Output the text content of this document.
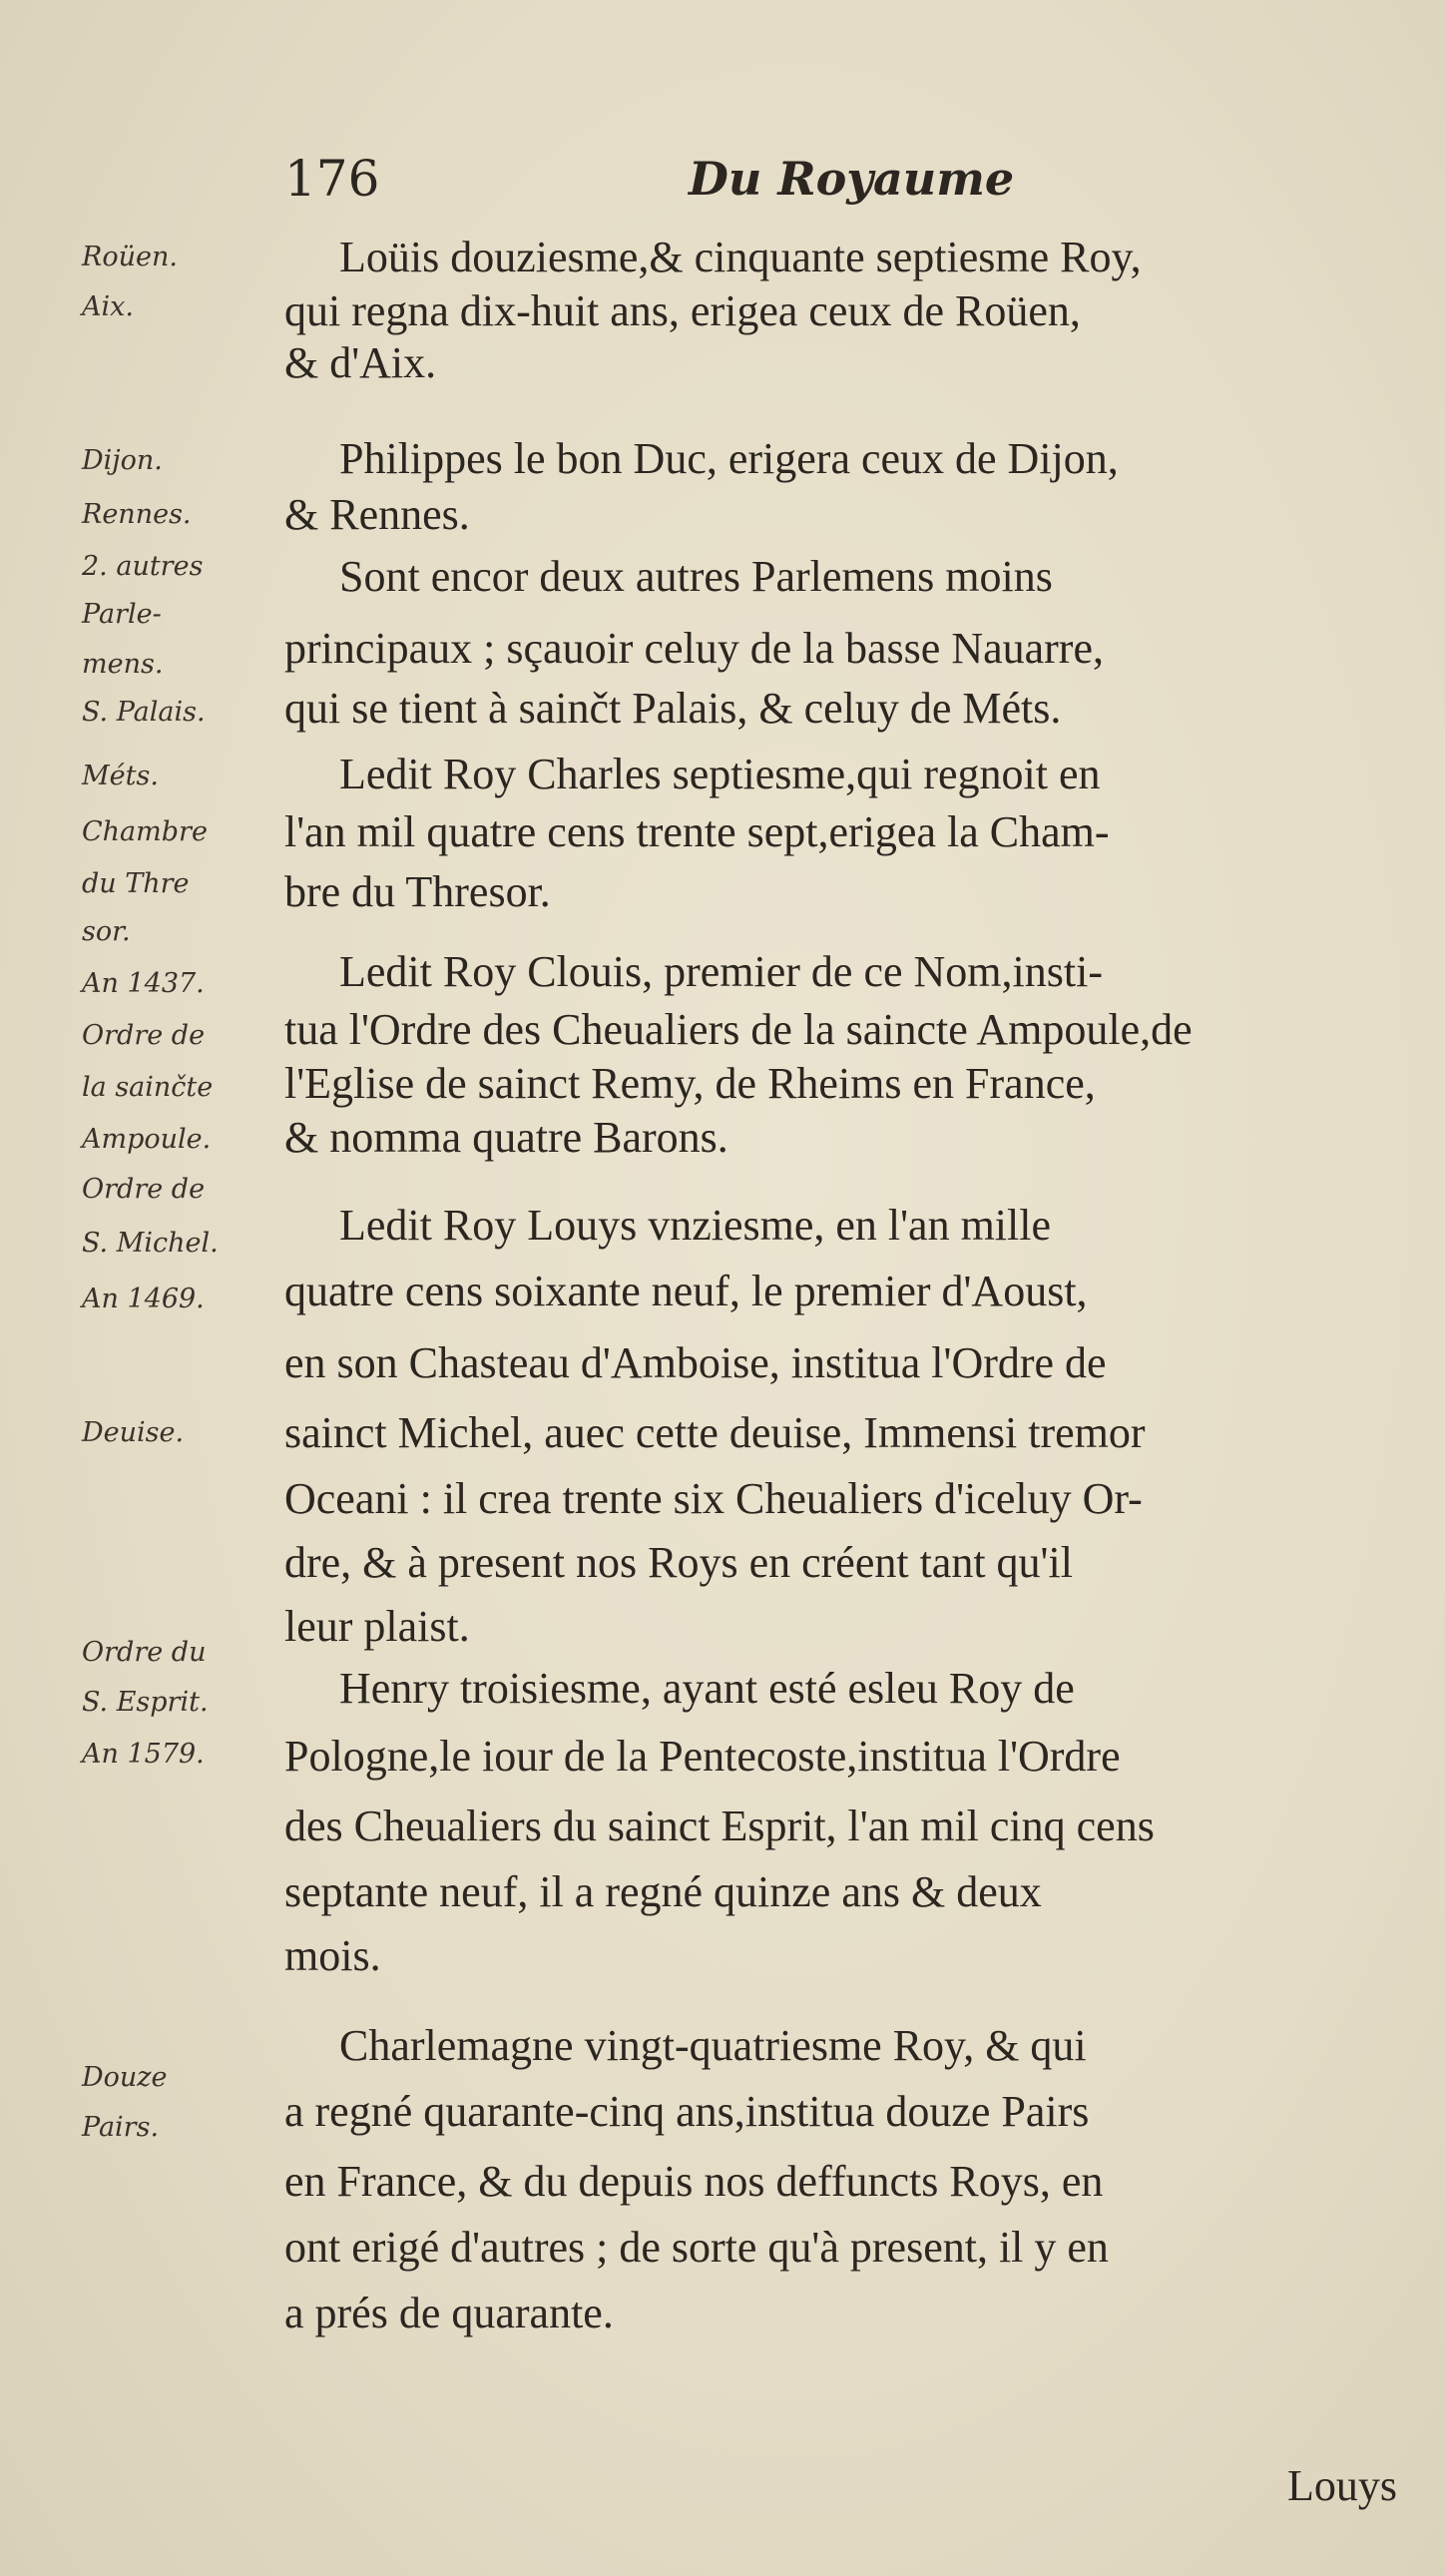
176	Du Royaume
Roüen.
Aix.
Dijon.
Rennes.
2. autres
Parle-
mens.
S. Palais.
Méts.
Chambre
du Thre
sor.
An 1437.
Ordre de
la sainčte
Ampoule.
Ordre de
S. Michel.
An 1469.
Deuise.
Ordre du
S. Esprit.
An 1579.
Douze
Pairs.
Loüis douziesme,& cinquante septiesme Roy,
qui regna dix-huit ans, erigea ceux de Roüen,
& d'Aix.
Philippes le bon Duc, erigera ceux de Dijon,
& Rennes.
Sont encor deux autres Parlemens moins
principaux ; sçauoir celuy de la basse Nauarre,
qui se tient à sainčt Palais, & celuy de Méts.
Ledit Roy Charles septiesme,qui regnoit en
l'an mil quatre cens trente sept,erigea la Cham-
bre du Thresor.
Ledit Roy Clouis, premier de ce Nom,insti-
tua l'Ordre des Cheualiers de la saincte Ampoule,de
l'Eglise de sainct Remy, de Rheims en France,
& nomma quatre Barons.
Ledit Roy Louys vnziesme, en l'an mille
quatre cens soixante neuf, le premier d'Aoust,
en son Chasteau d'Amboise, institua l'Ordre de
sainct Michel, auec cette deuise, Immensi tremor
Oceani : il crea trente six Cheualiers d'iceluy Or-
dre, & à present nos Roys en créent tant qu'il
leur plaist.
Henry troisiesme, ayant esté esleu Roy de
Pologne,le iour de la Pentecoste,institua l'Ordre
des Cheualiers du sainct Esprit, l'an mil cinq cens
septante neuf, il a regné quinze ans & deux
mois.
Charlemagne vingt-quatriesme Roy, & qui
a regné quarante-cinq ans,institua douze Pairs
en France, & du depuis nos deffuncts Roys, en
ont erigé d'autres ; de sorte qu'à present, il y en
a prés de quarante.
Louys
